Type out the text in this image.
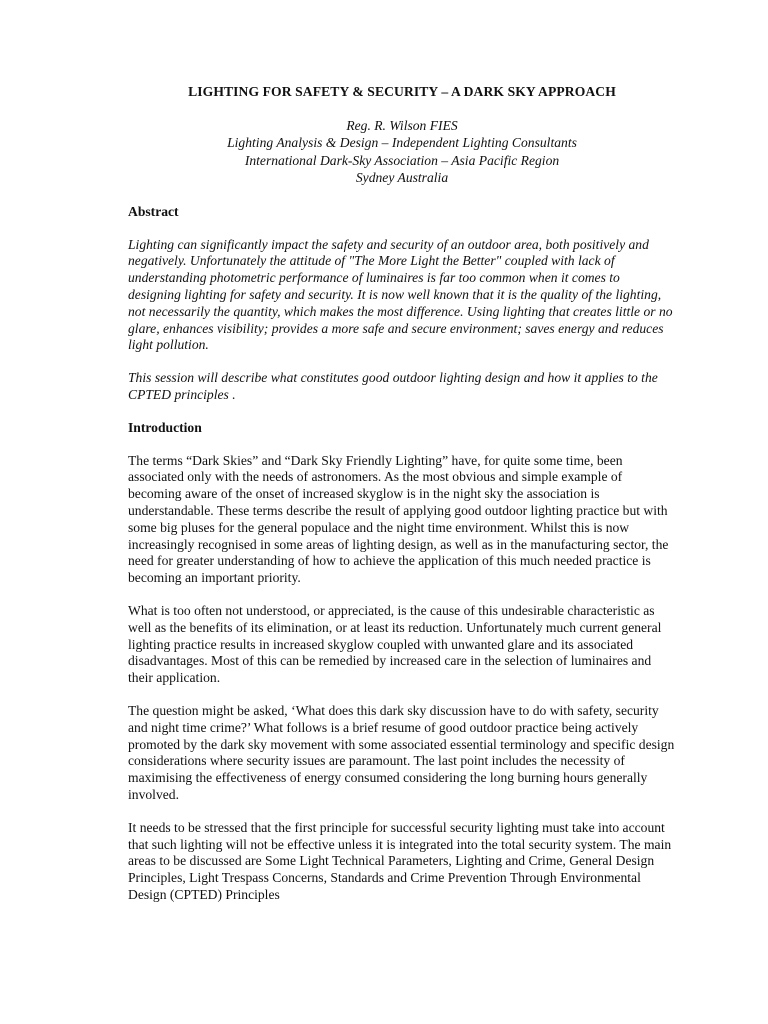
LIGHTING FOR SAFETY & SECURITY – A DARK SKY APPROACH
Reg. R. Wilson FIES
Lighting Analysis & Design – Independent Lighting Consultants
International Dark-Sky Association – Asia Pacific Region
Sydney Australia
Abstract

Lighting can significantly impact the safety and security of an outdoor area, both positively and negatively. Unfortunately the attitude of "The More Light the Better" coupled with lack of understanding photometric performance of luminaires is far too common when it comes to designing lighting for safety and security. It is now well known that it is the quality of the lighting, not necessarily the quantity, which makes the most difference. Using lighting that creates little or no glare, enhances visibility; provides a more safe and secure environment; saves energy and reduces light pollution.

This session will describe what constitutes good outdoor lighting design and how it applies to the CPTED principles .

Introduction

The terms “Dark Skies” and “Dark Sky Friendly Lighting” have, for quite some time, been associated only with the needs of astronomers. As the most obvious and simple example of becoming aware of the onset of increased skyglow is in the night sky the association is understandable. These terms describe the result of applying good outdoor lighting practice but with some big pluses for the general populace and the night time environment. Whilst this is now increasingly recognised in some areas of lighting design, as well as in the manufacturing sector, the need for greater understanding of how to achieve the application of this much needed practice is becoming an important priority.

What is too often not understood, or appreciated, is the cause of this undesirable characteristic as well as the benefits of its elimination, or at least its reduction. Unfortunately much current general lighting practice results in increased skyglow coupled with unwanted glare and its associated disadvantages. Most of this can be remedied by increased care in the selection of luminaires and their application.

The question might be asked, ‘What does this dark sky discussion have to do with safety, security and night time crime?’ What follows is a brief resume of good outdoor practice being actively promoted by the dark sky movement with some associated essential terminology and specific design considerations where security issues are paramount. The last point includes the necessity of maximising the effectiveness of energy consumed considering the long burning hours generally involved.

It needs to be stressed that the first principle for successful security lighting must take into account that such lighting will not be effective unless it is integrated into the total security system. The main areas to be discussed are Some Light Technical Parameters, Lighting and Crime, General Design Principles, Light Trespass Concerns, Standards and Crime Prevention Through Environmental Design (CPTED) Principles
